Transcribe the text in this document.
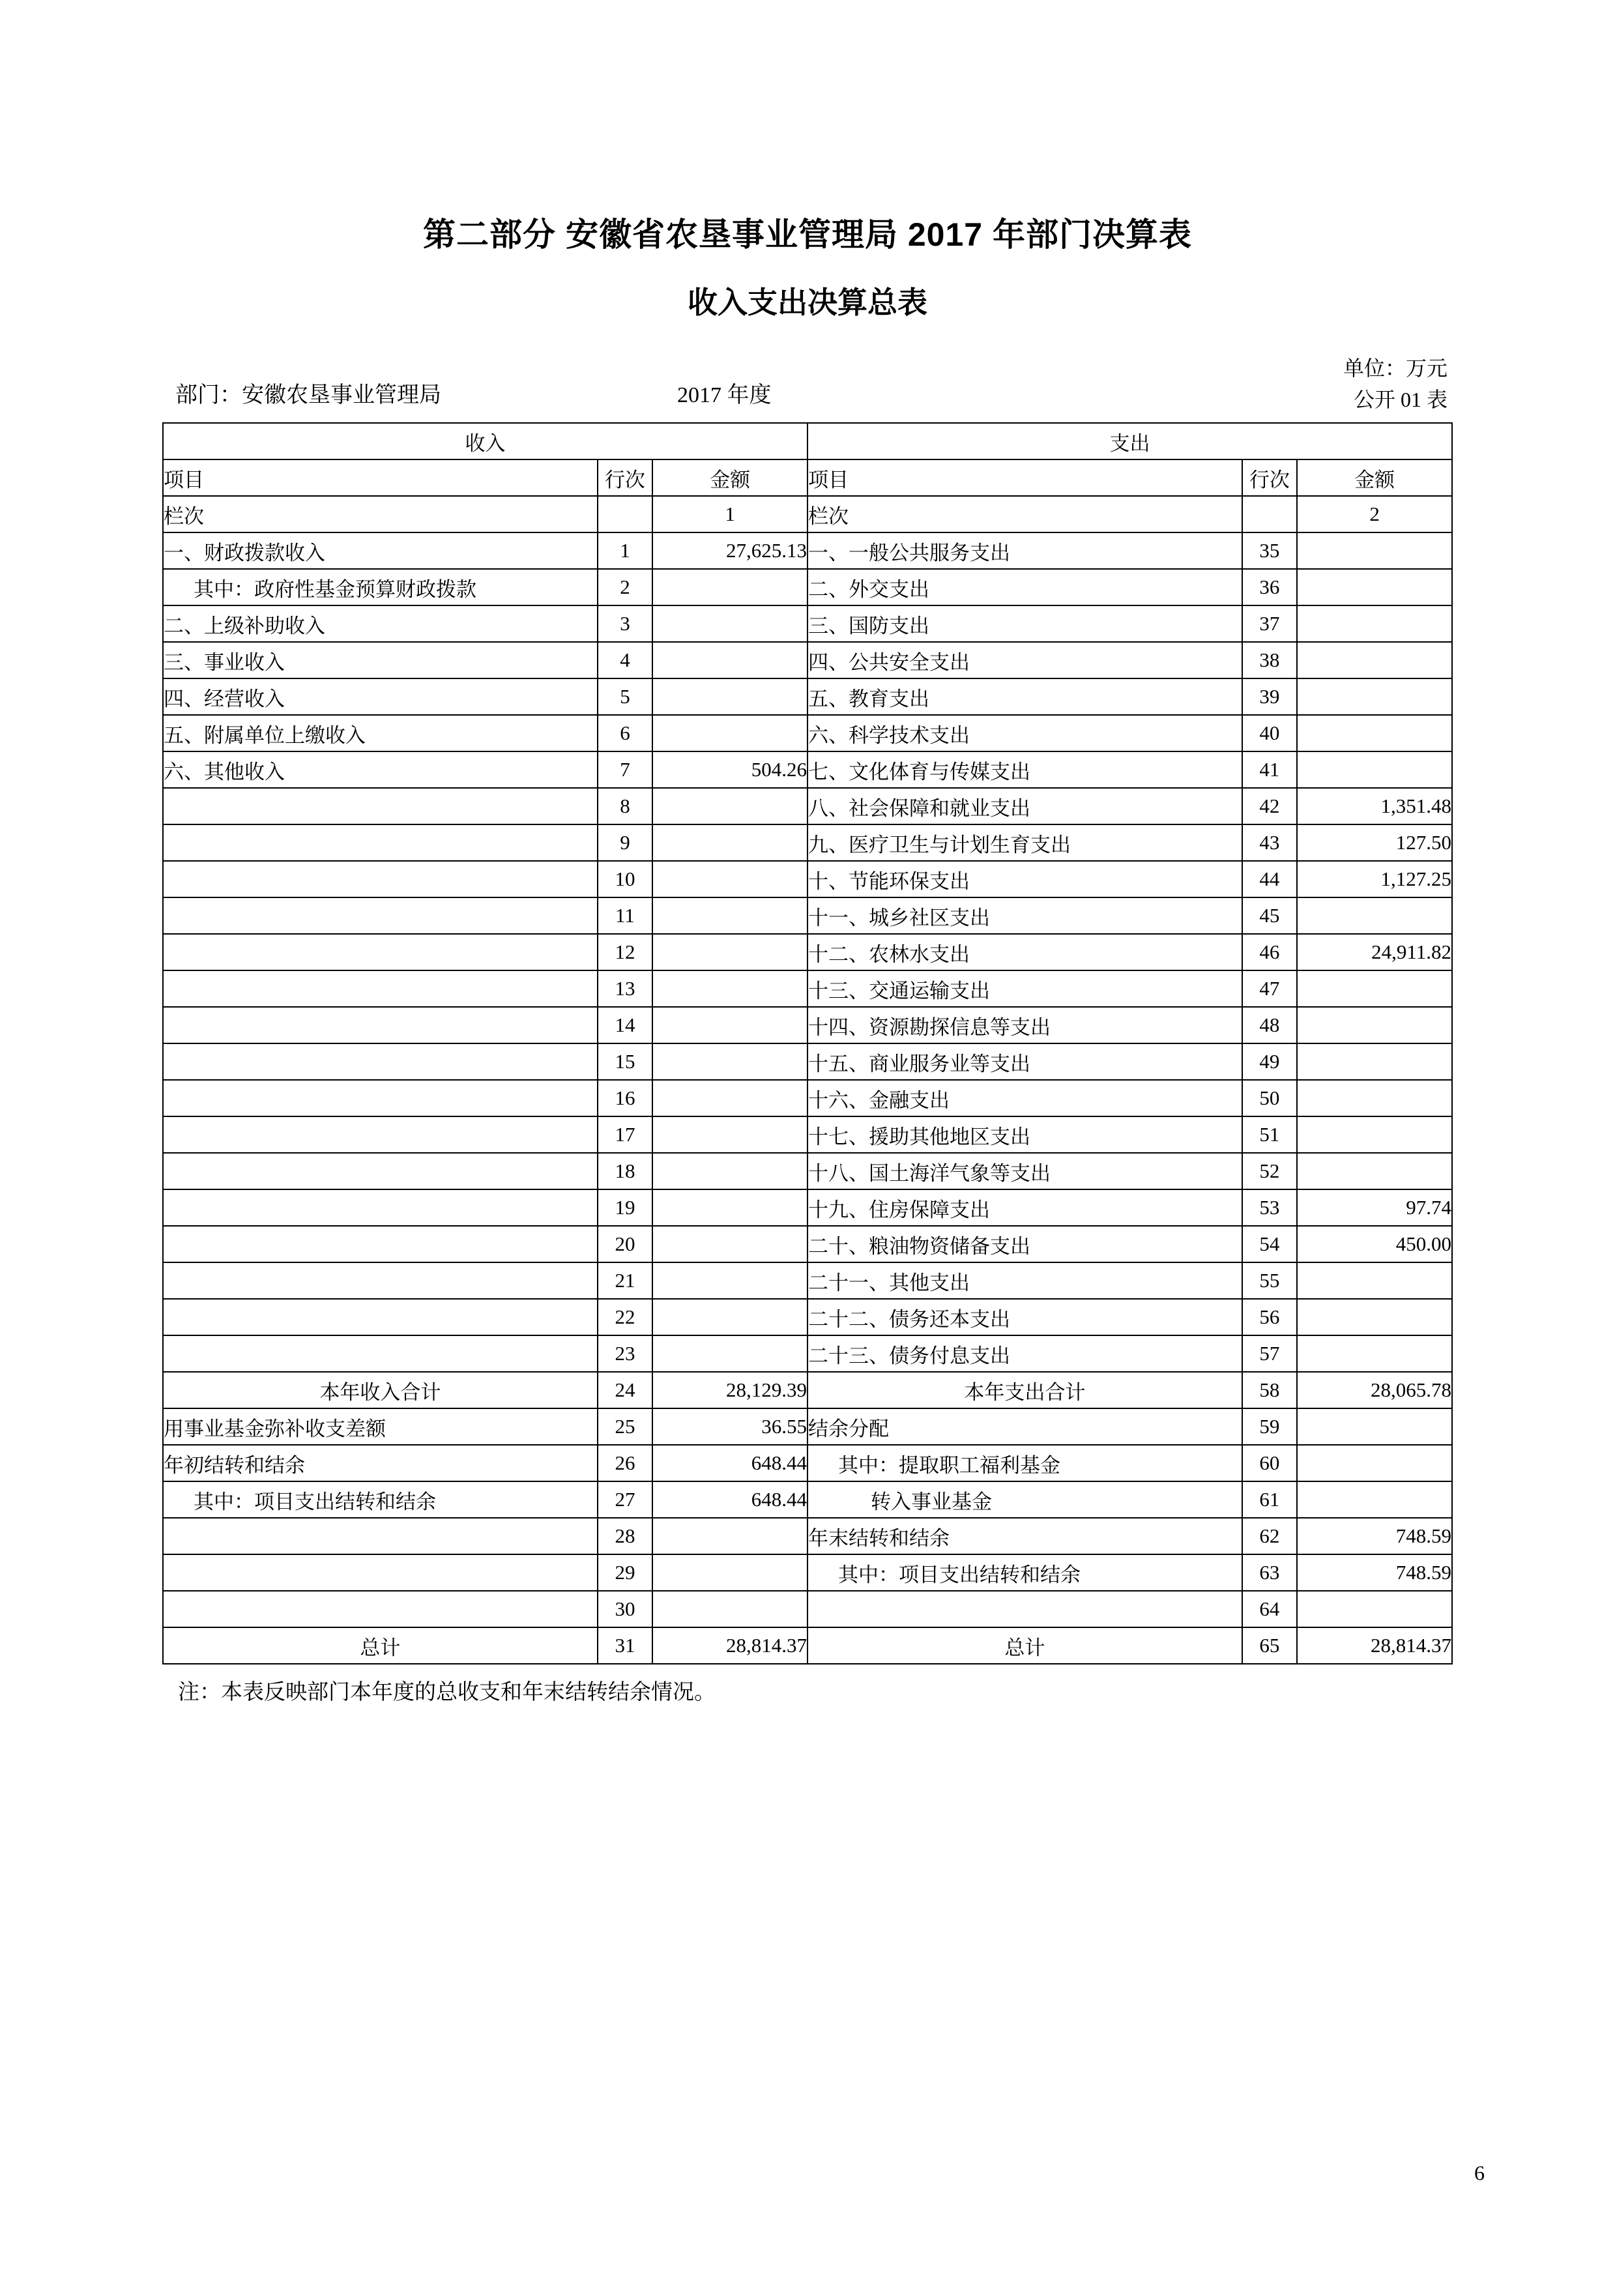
第二部分 安徽省农垦事业管理局 2017 年部门决算表
收入支出决算总表
部门：安徽农垦事业管理局	2017 年度
单位：万元
公开 01 表
收入			支出		
项目	行次	金额	项目	行次	金额
栏次		1	栏次		2
一、财政拨款收入	1	27,625.13	一、一般公共服务支出	35	
其中：政府性基金预算财政拨款	2		二、外交支出	36	
二、上级补助收入	3		三、国防支出	37	
三、事业收入	4		四、公共安全支出	38	
四、经营收入	5		五、教育支出	39	
五、附属单位上缴收入	6		六、科学技术支出	40	
六、其他收入	7	504.26	七、文化体育与传媒支出	41	
	8		八、社会保障和就业支出	42	1,351.48
	9		九、医疗卫生与计划生育支出	43	127.50
	10		十、节能环保支出	44	1,127.25
	11		十一、城乡社区支出	45	
	12		十二、农林水支出	46	24,911.82
	13		十三、交通运输支出	47	
	14		十四、资源勘探信息等支出	48	
	15		十五、商业服务业等支出	49	
	16		十六、金融支出	50	
	17		十七、援助其他地区支出	51	
	18		十八、国土海洋气象等支出	52	
	19		十九、住房保障支出	53	97.74
	20		二十、粮油物资储备支出	54	450.00
	21		二十一、其他支出	55	
	22		二十二、债务还本支出	56	
	23		二十三、债务付息支出	57	
本年收入合计	24	28,129.39	本年支出合计	58	28,065.78
用事业基金弥补收支差额	25	36.55	结余分配	59	
年初结转和结余	26	648.44	其中：提取职工福利基金	60	
其中：项目支出结转和结余	27	648.44	转入事业基金	61	
	28		年末结转和结余	62	748.59
	29		其中：项目支出结转和结余	63	748.59
	30			64	
总计	31	28,814.37	总计	65	28,814.37
注：本表反映部门本年度的总收支和年末结转结余情况。
6
